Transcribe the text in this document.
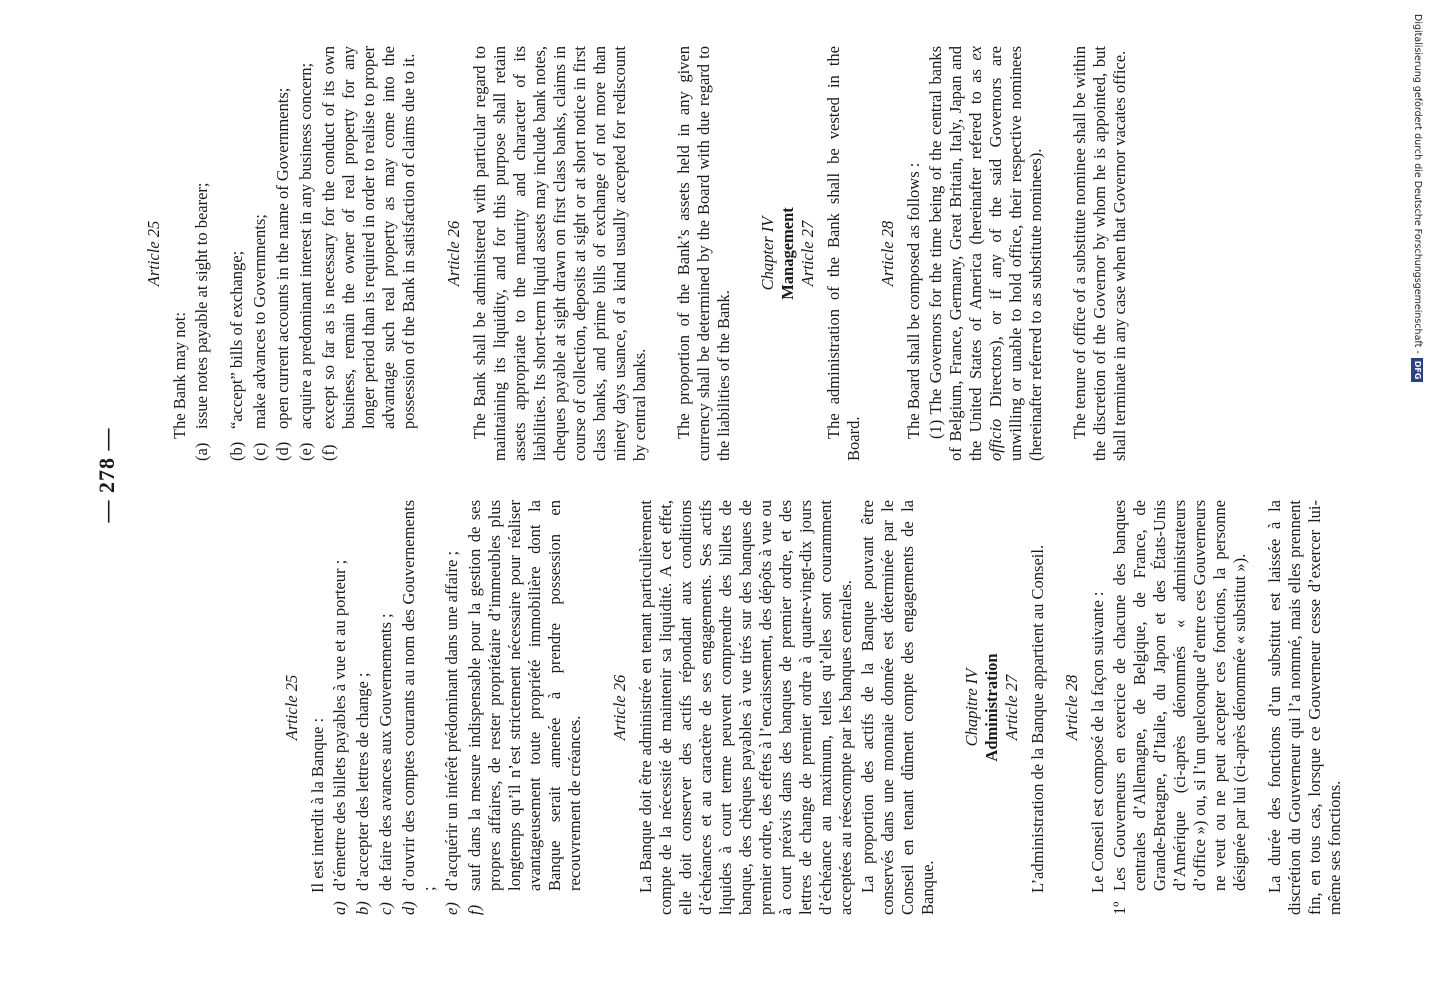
— 278 —
Article 25

Il est interdit à la Banque :

a)
d’émettre des billets payables à vue et au porteur ;
b)
d’accepter des lettres de change ;
c)
de faire des avances aux Gouvernements ;
d)
d’ouvrir des comptes courants au nom des Gouvernements ;
e)
d’acquérir un intérêt prédominant dans une affaire ;
f)
sauf dans la mesure indispensable pour la gestion de ses propres affaires, de rester propriétaire d’immeubles plus longtemps qu’il n’est strictement nécessaire pour réaliser avantageusement toute propriété immobilière dont la Banque serait amenée à prendre possession en recouvrement de créances.
Article 26 La Banque doit être administrée en tenant particulièrement compte de la nécessité de maintenir sa liquidité. A cet effet, elle doit conserver des actifs répondant aux conditions d’échéances et au caractère de ses engagements. Ses actifs liquides à court terme peuvent comprendre des billets de banque, des chèques payables à vue tirés sur des banques de premier ordre, des effets à l’encaissement, des dépôts à vue ou à court préavis dans des banques de premier ordre, et des lettres de change de premier ordre à quatre-vingt-dix jours d’échéance au maximum, telles qu’elles sont couramment acceptées au réescompte par les banques centrales. La proportion des actifs de la Banque pouvant être conservés dans une monnaie donnée est déterminée par le Conseil en tenant dûment compte des engagements de la Banque.

Chapitre IV Administration Article 27 L’administration de la Banque appartient au Conseil. Article 28 Le Conseil est composé de la façon suivante :

1º
Les Gouverneurs en exercice de chacune des banques centrales d’Allemagne, de Belgique, de France, de Grande-Bretagne, d’Italie, du Japon et des États-Unis d’Amérique (ci-après dénommés « administrateurs d’office ») ou, si l’un quelconque d’entre ces Gouverneurs ne veut ou ne peut accepter ces fonctions, la personne désignée par lui (ci-après dénommée « substitut »). La durée des fonctions d’un substitut est laissée à la discrétion du Gouverneur qui l’a nommé, mais elles prennent fin, en tous cas, lorsque ce Gouverneur cesse d’exercer lui-même ses fonctions.

Article 25

The Bank may not:

(a)
issue notes payable at sight to bearer;
(b)
“accept” bills of exchange;
(c)
make advances to Governments;
(d)
open current accounts in the name of Governments;
(e)
acquire a predominant interest in any business concern;
(f)
except so far as is necessary for the conduct of its own business, remain the owner of real property for any longer period than is required in order to realise to proper advantage such real property as may come into the possession of the Bank in satisfaction of claims due to it. Article 26 The Bank shall be administered with particular regard to maintaining its liquidity, and for this purpose shall retain assets appropriate to the maturity and character of its liabilities. Its short-term liquid assets may include bank notes, cheques payable at sight drawn on first class banks, claims in course of collection, deposits at sight or at short notice in first class banks, and prime bills of exchange of not more than ninety days usance, of a kind usually accepted for rediscount by central banks. The proportion of the Bank’s assets held in any given currency shall be determined by the Board with due regard to the liabilities of the Bank.

Chapter IV Management Article 27 The administration of the Bank shall be vested in the Board.

Article 28 The Board shall be composed as follows : (1) The Governors for the time being of the central banks of Belgium, France, Germany, Great Britain, Italy, Japan and the United States of America (hereinafter refered to as ex officio Directors), or if any of the said Governors are unwilling or unable to hold office, their respective nominees (hereinafter referred to as substitute nominees). The tenure of office of a substitute nominee shall be within the discretion of the Governor by whom he is appointed, but shall terminate in any case when that Governor vacates office.	Digitalisierung gefördert durch die Deutsche Forschungsgemeinschaft -
DFG
